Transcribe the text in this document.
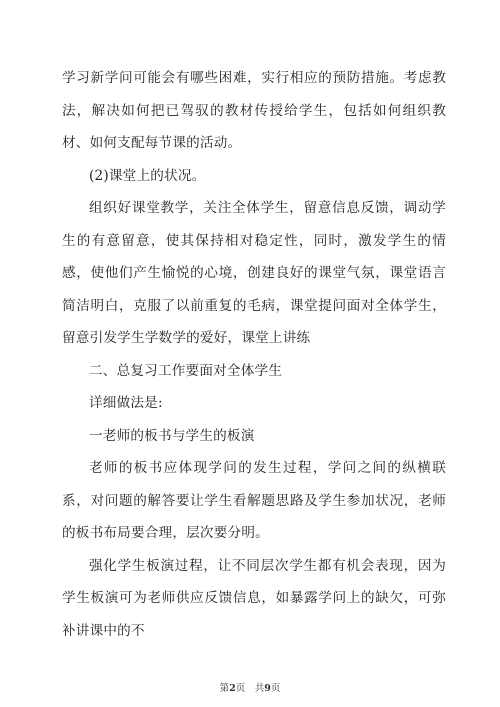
学习新学问可能会有哪些困难，实行相应的预防措施。考虑教法，解决如何把已驾驭的教材传授给学生，包括如何组织教材、如何支配每节课的活动。

(2)课堂上的状况。

组织好课堂教学，关注全体学生，留意信息反馈，调动学生的有意留意，使其保持相对稳定性，同时，激发学生的情感，使他们产生愉悦的心境，创建良好的课堂气氛，课堂语言简洁明白，克服了以前重复的毛病，课堂提问面对全体学生，留意引发学生学数学的爱好，课堂上讲练

二、总复习工作要面对全体学生

详细做法是:

一老师的板书与学生的板演

老师的板书应体现学问的发生过程，学问之间的纵横联系，对问题的解答要让学生看解题思路及学生参加状况，老师的板书布局要合理，层次要分明。

强化学生板演过程，让不同层次学生都有机会表现，因为学生板演可为老师供应反馈信息，如暴露学问上的缺欠，可弥补讲课中的不

第2页　共9页
